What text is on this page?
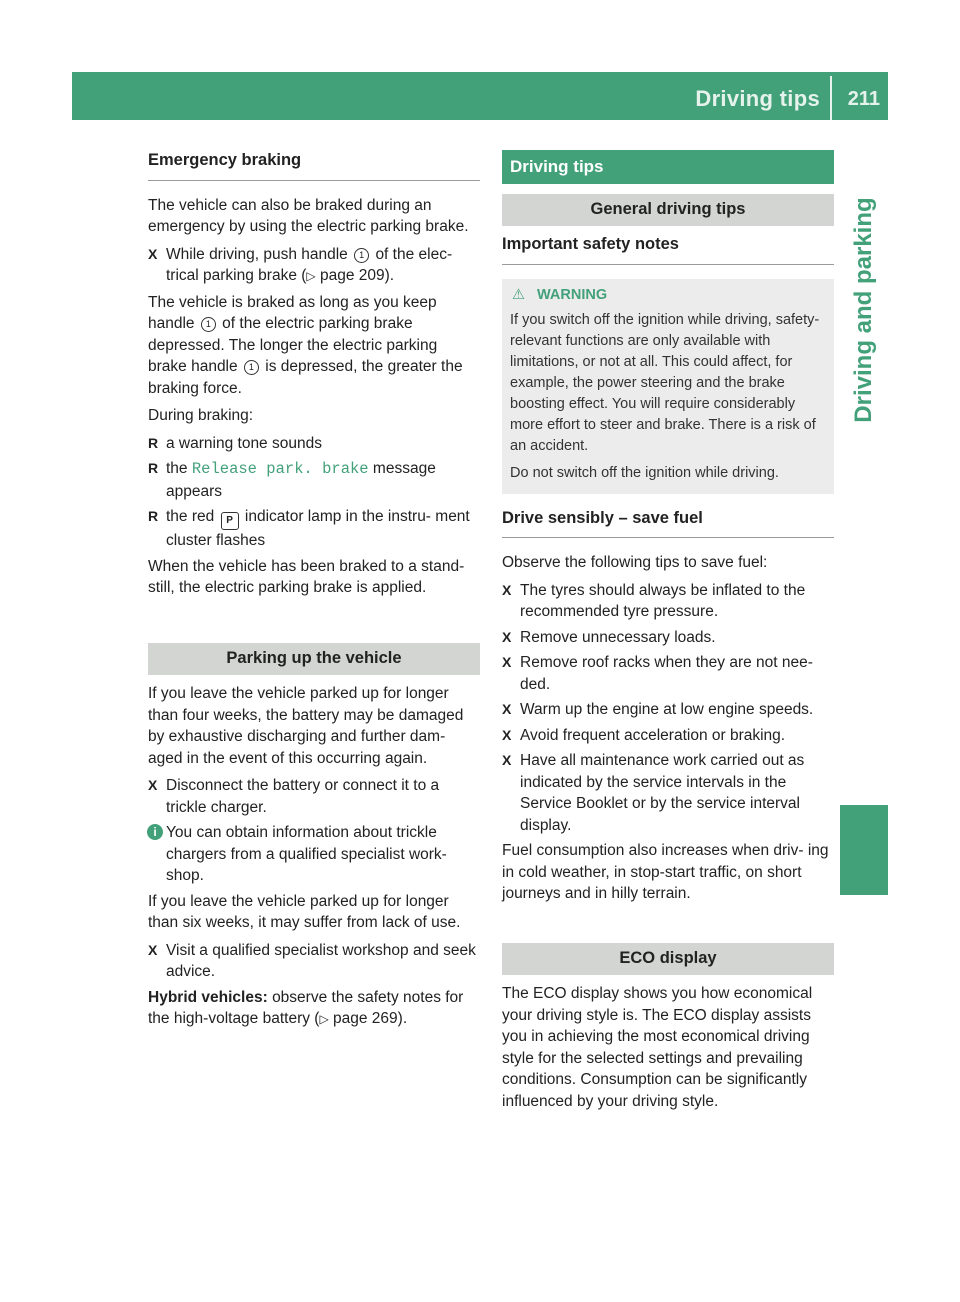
Driving tips 211
Driving and parking
Emergency braking

The vehicle can also be braked during an emergency by using the electric parking brake.

X While driving, push handle 1 of the elec- trical parking brake (▷ page 209).

The vehicle is braked as long as you keep handle 1 of the electric parking brake depressed. The longer the electric parking brake handle 1 is depressed, the greater the braking force.

During braking:

R a warning tone sounds
R the Release park. brake message appears
R the red P indicator lamp in the instru- ment cluster flashes

When the vehicle has been braked to a stand- still, the electric parking brake is applied.

Parking up the vehicle

If you leave the vehicle parked up for longer than four weeks, the battery may be damaged by exhaustive discharging and further dam- aged in the event of this occurring again.

X Disconnect the battery or connect it to a trickle charger.
i You can obtain information about trickle chargers from a qualified specialist work- shop.

If you leave the vehicle parked up for longer than six weeks, it may suffer from lack of use.

X Visit a qualified specialist workshop and seek advice.

Hybrid vehicles: observe the safety notes for the high-voltage battery (▷ page 269).

Driving tips
General driving tips
Important safety notes
⚠ WARNING

If you switch off the ignition while driving, safety-relevant functions are only available with limitations, or not at all. This could affect, for example, the power steering and the brake boosting effect. You will require considerably more effort to steer and brake. There is a risk of an accident.

Do not switch off the ignition while driving.

Drive sensibly – save fuel

Observe the following tips to save fuel:

X The tyres should always be inflated to the recommended tyre pressure.
X Remove unnecessary loads.
X Remove roof racks when they are not nee- ded.
X Warm up the engine at low engine speeds.
X Avoid frequent acceleration or braking.
X Have all maintenance work carried out as indicated by the service intervals in the Service Booklet or by the service interval display.

Fuel consumption also increases when driv- ing in cold weather, in stop-start traffic, on short journeys and in hilly terrain.

ECO display

The ECO display shows you how economical your driving style is. The ECO display assists you in achieving the most economical driving style for the selected settings and prevailing conditions. Consumption can be significantly influenced by your driving style.
